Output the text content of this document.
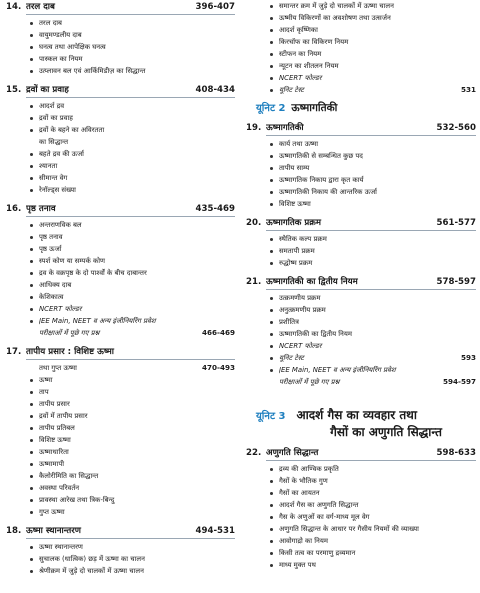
14. तरल दाब	396-407
तरल दाब
वायुमण्डलीय दाब
घनत्व तथा आपेक्षिक घनत्व
पास्कल का नियम
उत्प्लावन बल एवं आर्किमिडीज़ का सिद्धान्त
15. द्रवों का प्रवाह	408-434
आदर्श द्रव
द्रवों का प्रवाह
द्रवों के बहने का अविरतता
का सिद्धान्त
बहते द्रव की ऊर्जा
श्यानता
सीमान्त वेग
रेनॉल्ड्स संख्या
16. पृष्ठ तनाव	435-469
अन्तराणविक बल
पृष्ठ तनाव
पृष्ठ ऊर्जा
स्पर्श कोण या सम्पर्क कोण
द्रव के वक्रपृष्ठ के दो पार्श्वों के बीच दाबान्तर
आधिक्य दाब
केशिकात्व
NCERT फोल्डर
JEE Main, NEET व अन्य इंजीनियरिंग प्रवेश
परीक्षाओं में पूछे गए प्रश्न	466-469
17. तापीय प्रसार : विशिष्ट ऊष्मा
तथा गुप्त ऊष्मा	470-493
ऊष्मा
ताप
तापीय प्रसार
द्रवों में तापीय प्रसार
तापीय प्रतिबल
विशिष्ट ऊष्मा
ऊष्माधारिता
ऊष्मामापी
कैलोरीमिति का सिद्धान्त
अवस्था परिवर्तन
प्रावस्था आरेख तथा त्रिक-बिन्दु
गुप्त ऊष्मा
18. ऊष्मा स्थानान्तरण	494-531
ऊष्मा स्थानान्तरण
सुचालक (धात्विक) छड़ में ऊष्मा का चालन
श्रेणीक्रम में जुड़े दो चालकों में ऊष्मा चालन
समान्तर क्रम में जुड़े दो चालकों में ऊष्मा चालन
ऊष्मीय विकिरणों का अवशोषण तथा उत्सर्जन
आदर्श कृष्णिका
किरचॉफ का विकिरण नियम
स्टीफन का नियम
न्यूटन का शीतलन नियम
NCERT फोल्डर
यूनिट टेस्ट	531
यूनिट 2 ऊष्मागतिकी
19. ऊष्मागतिकी	532-560
कार्य तथा ऊष्मा
ऊष्मागतिकी से सम्बन्धित कुछ पद
तापीय साम्य
ऊष्मागतिक निकाय द्वारा कृत कार्य
ऊष्मागतिकी निकाय की आन्तरिक ऊर्जा
विशिष्ट ऊष्मा
20. ऊष्मागतिक प्रक्रम	561-577
स्थैतिक कल्प प्रक्रम
समतापी प्रक्रम
रुद्धोष्म प्रक्रम
21. ऊष्मागतिकी का द्वितीय नियम	578-597
उत्क्रमणीय प्रक्रम
अनुत्क्रमणीय प्रक्रम
प्रशीतित्र
ऊष्मागतिकी का द्वितीय नियम
NCERT फोल्डर
यूनिट टेस्ट	593
JEE Main, NEET व अन्य इंजीनियरिंग प्रवेश
परीक्षाओं में पूछे गए प्रश्न	594-597
यूनिट 3 आदर्श गैस का व्यवहार तथा
गैसों का अणुगति सिद्धान्त
22. अणुगति सिद्धान्त	598-633
द्रव्य की आण्विक प्रकृति
गैसों के भौतिक गुण
गैसों का आयतन
आदर्श गैस का अणुगति सिद्धान्त
गैस के अणुओं का वर्ग-माध्य मूल वेग
अणुगति सिद्धान्त के आधार पर गैसीय नियमों की व्याख्या
आवोगाद्रो का नियम
किसी तत्व का परमाणु द्रव्यमान
माध्य मुक्त पथ
